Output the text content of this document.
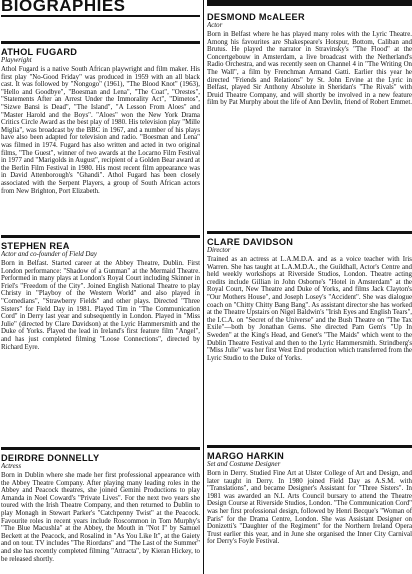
BIOGRAPHIES
ATHOL FUGARD
Playwright

Athol Fugard is a native South African playwright and film maker. His first play "No-Good Friday" was produced in 1959 with an all black cast. It was followed by "Nongogo" (1961), "The Blood Knot" (1963), "Hello and Goodbye", "Boesman and Lena", "The Coat", "Orestes", "Statements After an Arrest Under the Immorality Act", "Dimetos", "Sizwe Bansi is Dead", "The Island", "A Lesson From Aloes" and "Master Harold and the Boys". "Aloes" won the New York Drama Critics Circle Award as the best play of 1980. His television play "Mille Miglia", was broadcast by the BBC in 1967, and a number of his plays have also been adapted for television and radio. "Boesman and Lena" was filmed in 1974. Fugard has also written and acted in two original films, "The Guest", winner of two awards at the Locarno Film Festival in 1977 and "Marigolds in August", recipient of a Golden Bear award at the Berlin Film Festival in 1980. His most recent film appearance was in David Attenborough's "Ghandi". Athol Fugard has been closely associated with the Serpent Players, a group of South African actors from New Brighton, Port Elizabeth.

STEPHEN REA
Actor and co-founder of Field Day

Born in Belfast. Started career at the Abbey Theatre, Dublin. First London performance: "Shadow of a Gunman" at the Mermaid Theatre. Performed in many plays at London's Royal Court including Skinner in Friel's "Freedom of the City". Joined English National Theatre to play Christy in "Playboy of the Western World" and also played in "Comedians", "Strawberry Fields" and other plays. Directed "Three Sisters" for Field Day in 1981. Played Tim in "The Communication Cord" in Derry last year and subsequently in London. Played in "Miss Julie" (directed by Clare Davidson) at the Lyric Hammersmith and the Duke of Yorks. Played the lead in Ireland's first feature film "Angel", and has just completed filming "Loose Connections", directed by Richard Eyre.

DEIRDRE DONNELLY
Actress

Born in Dublin where she made her first professional appearance with the Abbey Theatre Company. After playing many leading roles in the Abbey and Peacock theatres, she joined Gemini Productions to play Amanda in Noel Coward's "Private Lives". For the next two years she toured with the Irish Theatre Company, and then returned to Dublin to play Monagh in Stewart Parker's "Catchpenny Twist" at the Peacock. Favourite roles in recent years include Roscommon in Tom Murphy's "The Blue Macushla" at the Abbey, the Mouth in "Not I" by Samuel Beckett at the Peacock, and Rosalind in "As You Like It", at the Gaiety and on tour. TV includes "The Riordans" and "The Last of the Summer" and she has recently completed filming "Attracta", by Kieran Hickey, to be released shortly.

DESMOND McALEER
Actor

Born in Belfast where he has played many roles with the Lyric Theatre. Among his favourites are Shakespeare's Hotspur, Bottom, Caliban and Brutus. He played the narrator in Stravinsky's "The Flood" at the Concertgebouw in Amsterdam, a live broadcast with the Netherland's Radio Orchestra, and was recently seen on Channel 4 in "The Writing On The Wall", a film by Frenchman Armand Gatti. Earlier this year he directed "Friends and Relations" by St. John Ervine at the Lyric in Belfast, played Sir Anthony Absolute in Sheridan's "The Rivals" with Druid Theatre Company, and will shortly be involved in a new feature film by Pat Murphy about the life of Ann Devlin, friend of Robert Emmet.

CLARE DAVIDSON
Director

Trained as an actress at L.A.M.D.A. and as a voice teacher with Iris Warren. She has taught at L.A.M.D.A., the Guildhall, Actor's Centre and held weekly workshops at Riverside Studios, London. Theatre acting credits include Gillian in John Osborne's "Hotel in Amsterdam" at the Royal Court, New Theatre and Duke of Yorks, and films Jack Clayton's "Our Mothers House", and Joseph Losey's "Accident". She was dialogue coach on "Chitty Chitty Bang Bang". As assistant director she has worked at the Theatre Upstairs on Nigel Baldwin's "Irish Eyes and English Tears", the I.C.A. on "Secret of the Universe" and the Bush Theatre on "The Tax Exile"—both by Jonathan Gems. She directed Pam Gem's "Up In Sweden" at the King's Head, and Genet's "The Maids" which went to the Dublin Theatre Festival and then to the Lyric Hammersmith. Strindberg's "Miss Julie" was her first West End production which transferred from the Lyric Studio to the Duke of Yorks.

MARGO HARKIN
Set and Costume Designer

Born in Derry. Studied Fine Art at Ulster College of Art and Design, and later taught in Derry. In 1980 joined Field Day as A.S.M. with "Translations", and became Designer's Assistant for "Three Sisters". In 1981 was awarded an N.I. Arts Council bursary to attend the Theatre Design Course at Riverside Studios, London. "The Communication Cord" was her first professional design, followed by Henri Becque's "Woman of Paris" for the Drama Centre, London. She was Assistant Designer on Donizetti's "Daughter of the Regiment" for the Northern Ireland Opera Trust earlier this year, and in June she organised the Inner City Carnival for Derry's Foyle Festival.
